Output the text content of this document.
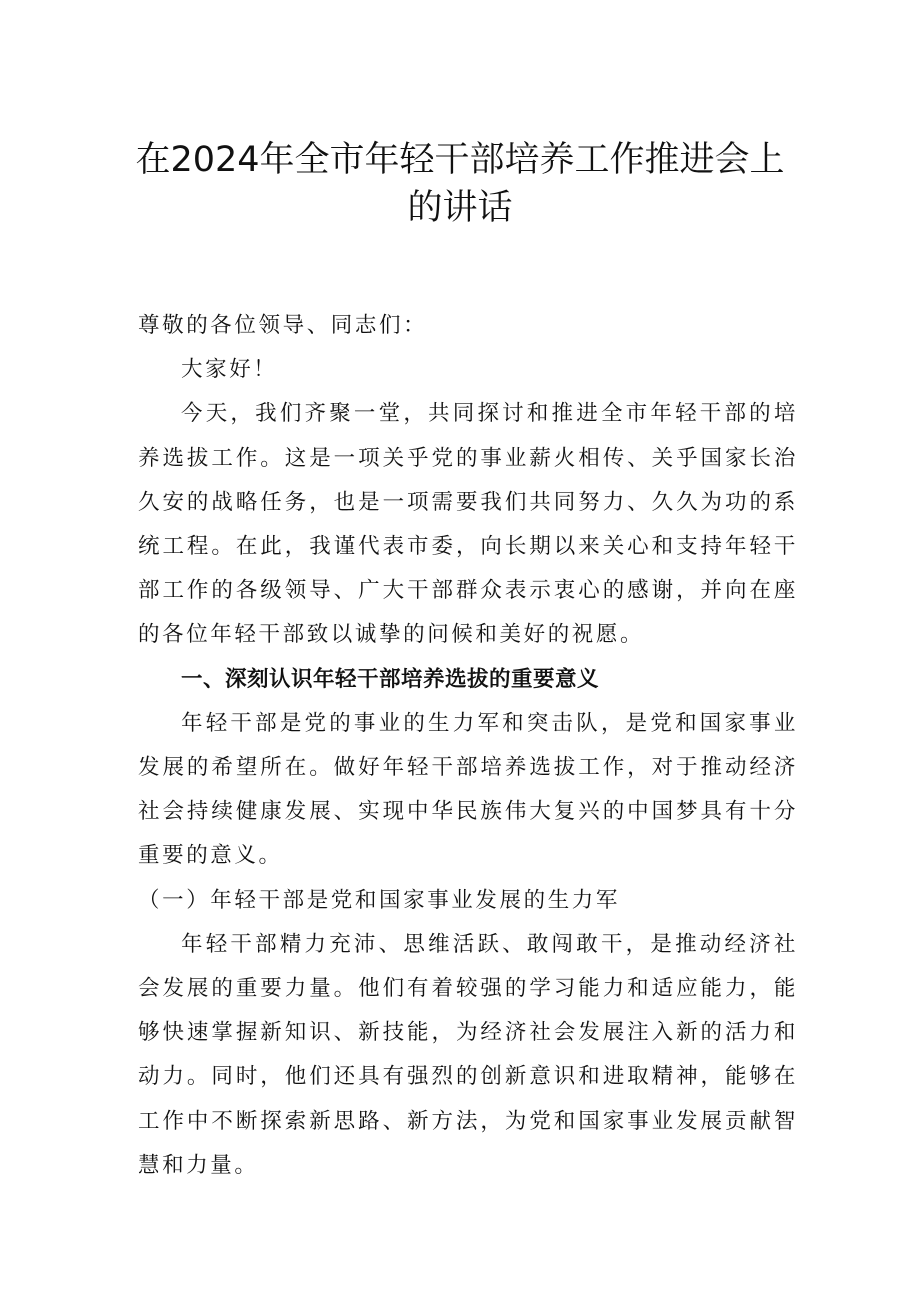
在2024年全市年轻干部培养工作推进会上
的讲话

尊敬的各位领导、同志们：

大家好！

今天，我们齐聚一堂，共同探讨和推进全市年轻干部的培养选拔工作。这是一项关乎党的事业薪火相传、关乎国家长治久安的战略任务，也是一项需要我们共同努力、久久为功的系统工程。在此，我谨代表市委，向长期以来关心和支持年轻干部工作的各级领导、广大干部群众表示衷心的感谢，并向在座的各位年轻干部致以诚挚的问候和美好的祝愿。

一、深刻认识年轻干部培养选拔的重要意义

年轻干部是党的事业的生力军和突击队，是党和国家事业发展的希望所在。做好年轻干部培养选拔工作，对于推动经济社会持续健康发展、实现中华民族伟大复兴的中国梦具有十分重要的意义。

（一）年轻干部是党和国家事业发展的生力军

年轻干部精力充沛、思维活跃、敢闯敢干，是推动经济社会发展的重要力量。他们有着较强的学习能力和适应能力，能够快速掌握新知识、新技能，为经济社会发展注入新的活力和动力。同时，他们还具有强烈的创新意识和进取精神，能够在工作中不断探索新思路、新方法，为党和国家事业发展贡献智慧和力量。
